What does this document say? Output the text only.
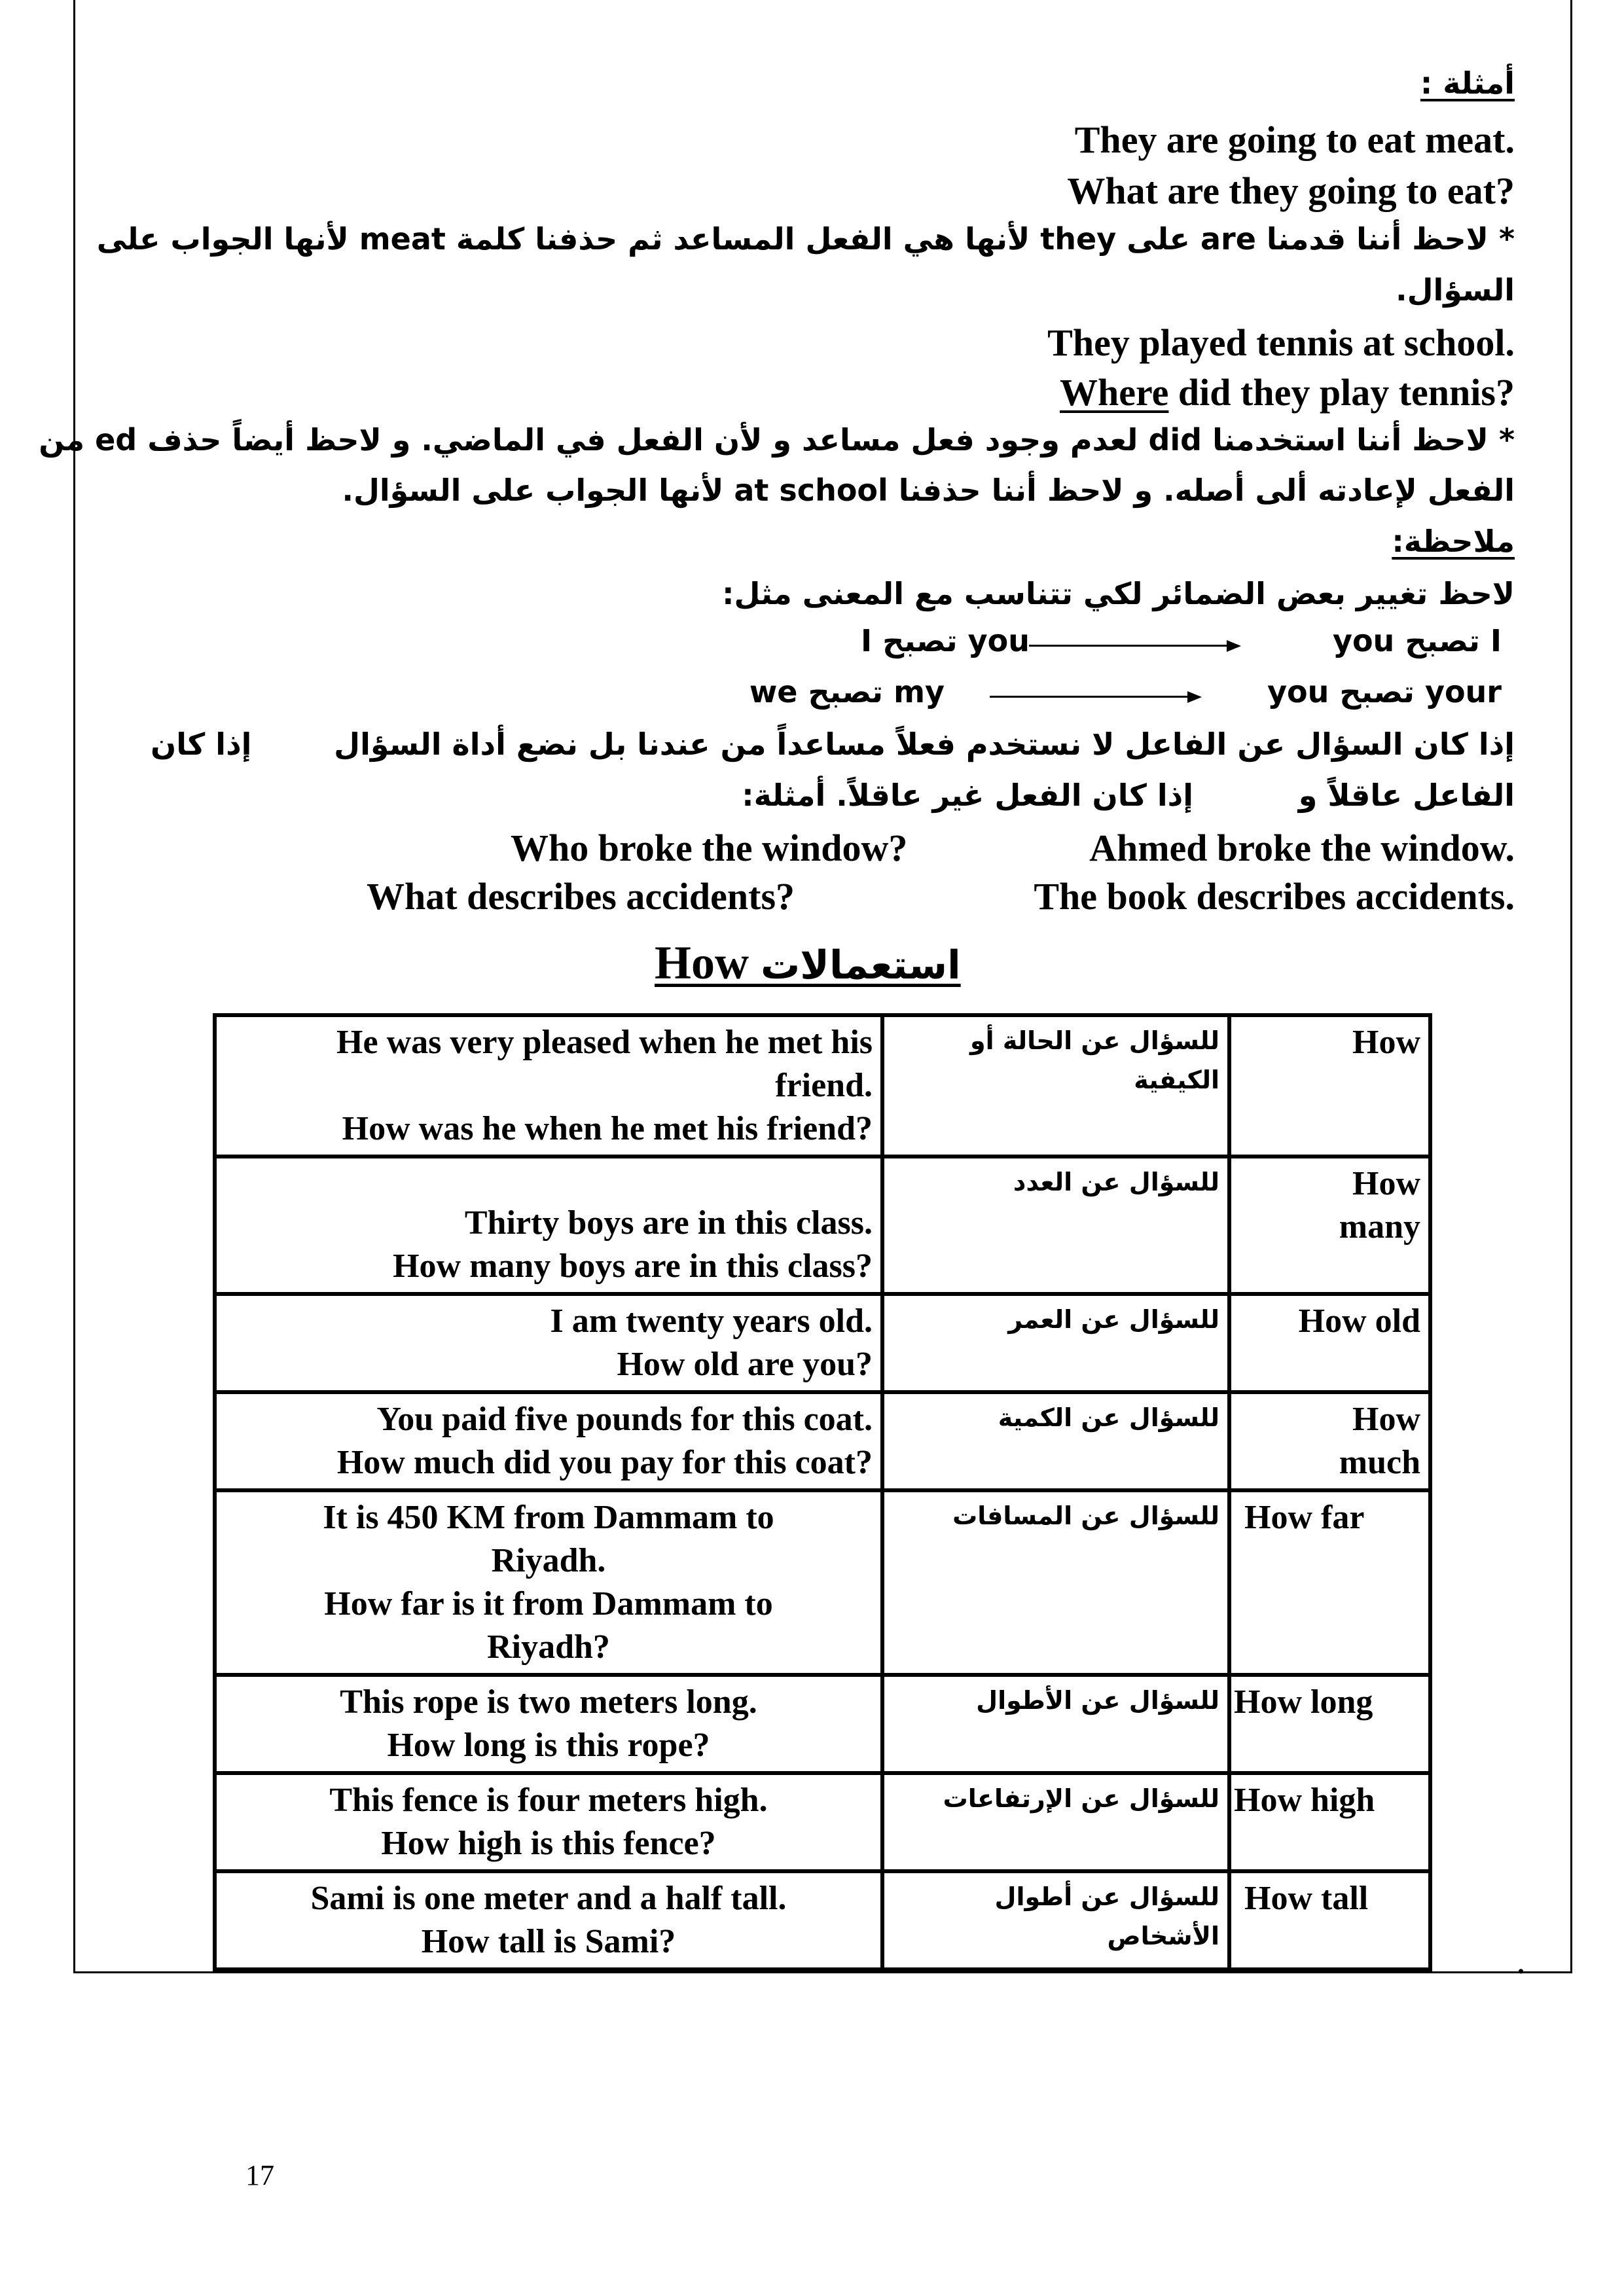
أمثلة :
They are going to eat meat.
What are they going to eat?
* لاحظ أننا قدمنا are على they لأنها هي الفعل المساعد ثم حذفنا كلمة meat لأنها الجواب على
السؤال.
They played tennis at school.
Where did they play tennis?
* لاحظ أننا استخدمنا did لعدم وجود فعل مساعد و لأن الفعل في الماضي. و لاحظ أيضاً حذف ed من
الفعل لإعادته ألى أصله. و لاحظ أننا حذفنا at school لأنها الجواب على السؤال.
ملاحظة:
لاحظ تغيير بعض الضمائر لكي تتناسب مع المعنى مثل:
I تصبح you	you تصبح I
we تصبح my	you تصبح your
إذا كان السؤال عن الفاعل لا نستخدم فعلاً مساعداً من عندنا بل نضع أداة السؤال
إذا كان
الفاعل عاقلاً و
إذا كان الفعل غير عاقلاً. أمثلة:
Who broke the window?	Ahmed broke the window.
What describes accidents?	The book describes accidents.
How استعمالات
He was very pleased when he met his
friend.
How was he when he met his friend?	للسؤال عن الحالة أو الكيفية	How

Thirty boys are in this class.
How many boys are in this class?	للسؤال عن العدد	How many

I am twenty years old.
How old are you?	للسؤال عن العمر	How old

You paid five pounds for this coat.
How much did you pay for this coat?	للسؤال عن الكمية	How much

It is 450 KM from Dammam to
Riyadh.
How far is it from Dammam to
Riyadh?	للسؤال عن المسافات	How far

This rope is two meters long.
How long is this rope?	للسؤال عن الأطوال	How long

This fence is four meters high.
How high is this fence?	للسؤال عن الإرتفاعات	How high

Sami is one meter and a half tall.
How tall is Sami?	للسؤال عن أطوال الأشخاص	How tall
.
17
